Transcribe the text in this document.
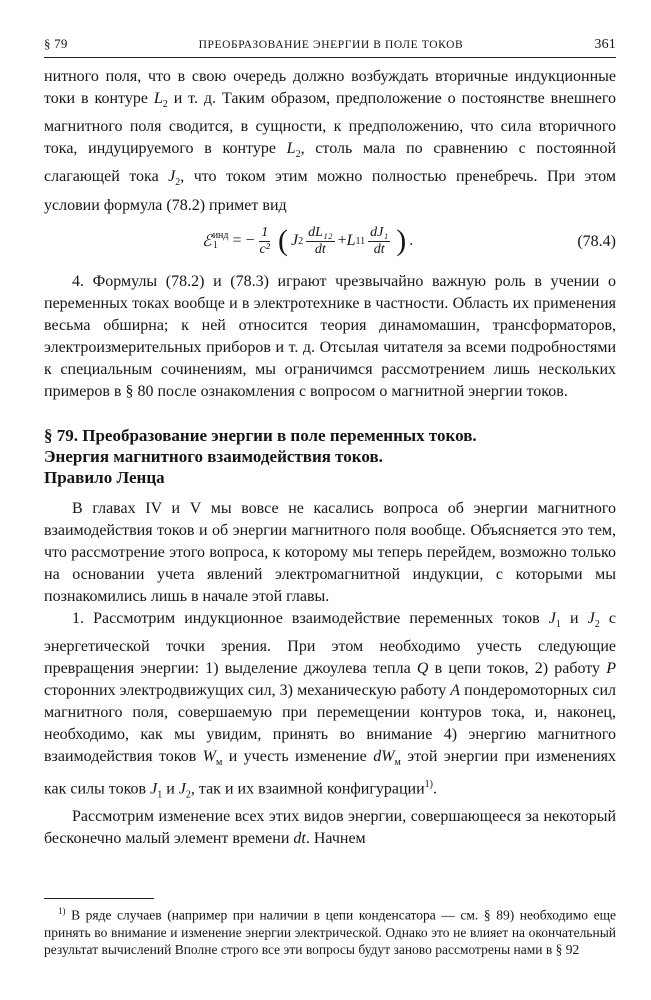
§ 79	ПРЕОБРАЗОВАНИЕ ЭНЕРГИИ В ПОЛЕ ТОКОВ	361

нитного поля, что в свою очередь должно возбуждать вторичные индукционные токи в контуре $L_2$ и т. д. Таким образом, предположение о постоянстве внешнего магнитного поля сводится, в сущности, к предположению, что сила вторичного тока, индуцируемого в контуре $L_2$, столь мала по сравнению с постоянной слагающей тока $J_2$, что током этим можно полностью пренебречь. При этом условии формула (78.2) примет вид

ℰ инд
1 = − $\frac{1}{\text{c²}}$ ( J $2 \frac{\text{dL₁₂}}{dt} + L$ $11 \frac{\text{dJ₁}}{dt}$ ) .	(78.4)

4. Формулы (78.2) и (78.3) играют чрезвычайно важную роль в учении о переменных токах вообще и в электротехнике в частности. Область их применения весьма обширна; к ней относится теория динамомашин, трансформаторов, электроизмерительных приборов и т. д. Отсылая читателя за всеми подробностями к специальным сочинениям, мы ограничимся рассмотрением лишь нескольких примеров в § 80 после ознакомления с вопросом о магнитной энергии токов.

§ 79. Преобразование энергии в поле переменных токов.
Энергия магнитного взаимодействия токов.
Правило Ленца

В главах IV и V мы вовсе не касались вопроса об энергии магнитного взаимодействия токов и об энергии магнитного поля вообще. Объясняется это тем, что рассмотрение этого вопроса, к которому мы теперь перейдем, возможно только на основании учета явлений электромагнитной индукции, с которыми мы познакомились лишь в начале этой главы.

1. Рассмотрим индукционное взаимодействие переменных токов $J_1$ и $J_2$ с энергетической точки зрения. При этом необходимо учесть следующие превращения энергии: 1) выделение джоулева тепла Q в цепи токов, 2) работу P сторонних электродвижущих сил, 3) механическую работу A пондеромоторных сил магнитного поля, совершаемую при перемещении контуров тока, и, наконец, необходимо, как мы увидим, принять во внимание 4) энергию магнитного взаимодействия токов $W_м$ и учесть изменение $dW_м$ этой энергии при изменениях как силы токов $J_1$ и $J_2$, так и их взаимной конфигурации$^{1)}$.

Рассмотрим изменение всех этих видов энергии, совершающееся за некоторый бесконечно малый элемент времени dt. Начнем

$^{1)}$ В ряде случаев (например при наличии в цепи конденсатора — см. § 89) необходимо еще принять во внимание и изменение энергии электрической. Однако это не влияет на окончательный результат вычислений Вполне строго все эти вопросы будут заново рассмотрены нами в § 92
